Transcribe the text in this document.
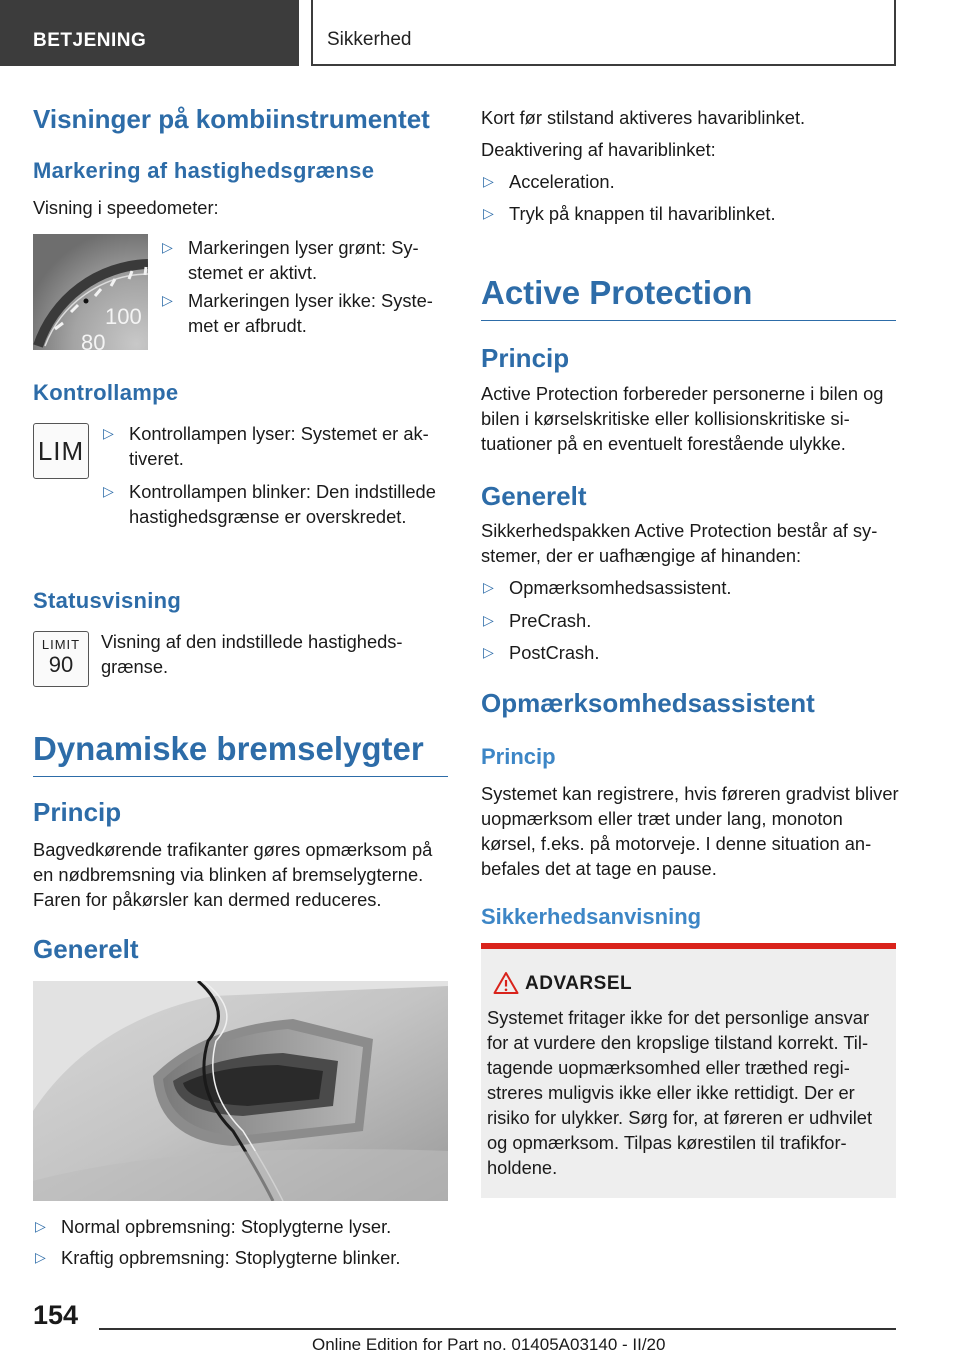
BETJENING	Sikkerhed
Visninger på kombiinstrumentet
Markering af hastighedsgrænse

Visning i speedometer:

100
80
▷ Markeringen lyser grønt: Systemet er aktivt.
▷ Markeringen lyser ikke: Systemet er afbrudt.
Kontrollampe
LIM
▷ Kontrollampen lyser: Systemet er aktiveret.
▷ Kontrollampen blinker: Den indstillede hastighedsgrænse er overskredet.
Statusvisning
LIMIT
90

Visning af den indstillede hastighedsgrænse.

Dynamiske bremselygter
Princip

Bagvedkørende trafikanter gøres opmærksom på en nødbremsning via blinken af bremselygterne. Faren for påkørsler kan dermed reduceres.

Generelt
▷ Normal opbremsning: Stoplygterne lyser.
▷ Kraftig opbremsning: Stoplygterne blinker.

Kort før stilstand aktiveres havariblinket.

Deaktivering af havariblinket:

▷ Acceleration.
▷ Tryk på knappen til havariblinket.
Active Protection
Princip

Active Protection forbereder personerne i bilen og bilen i kørselskritiske eller kollisionskritiske situationer på en eventuelt forestående ulykke.

Generelt

Sikkerhedspakken Active Protection består af systemer, der er uafhængige af hinanden:

▷ Opmærksomhedsassistent.
▷ PreCrash.
▷ PostCrash.
Opmærksomhedsassistent
Princip

Systemet kan registrere, hvis føreren gradvist bliver uopmærksom eller træt under lang, monoton kørsel, f.eks. på motorveje. I denne situation anbefales det at tage en pause.

Sikkerhedsanvisning
ADVARSEL

Systemet fritager ikke for det personlige ansvar for at vurdere den kropslige tilstand korrekt. Tiltagende uopmærksomhed eller træthed registreres muligvis ikke eller ikke rettidigt. Der er risiko for ulykker. Sørg for, at føreren er udhvilet og opmærksom. Tilpas kørestilen til trafikforholdene.

154
Online Edition for Part no. 01405A03140 - II/20
